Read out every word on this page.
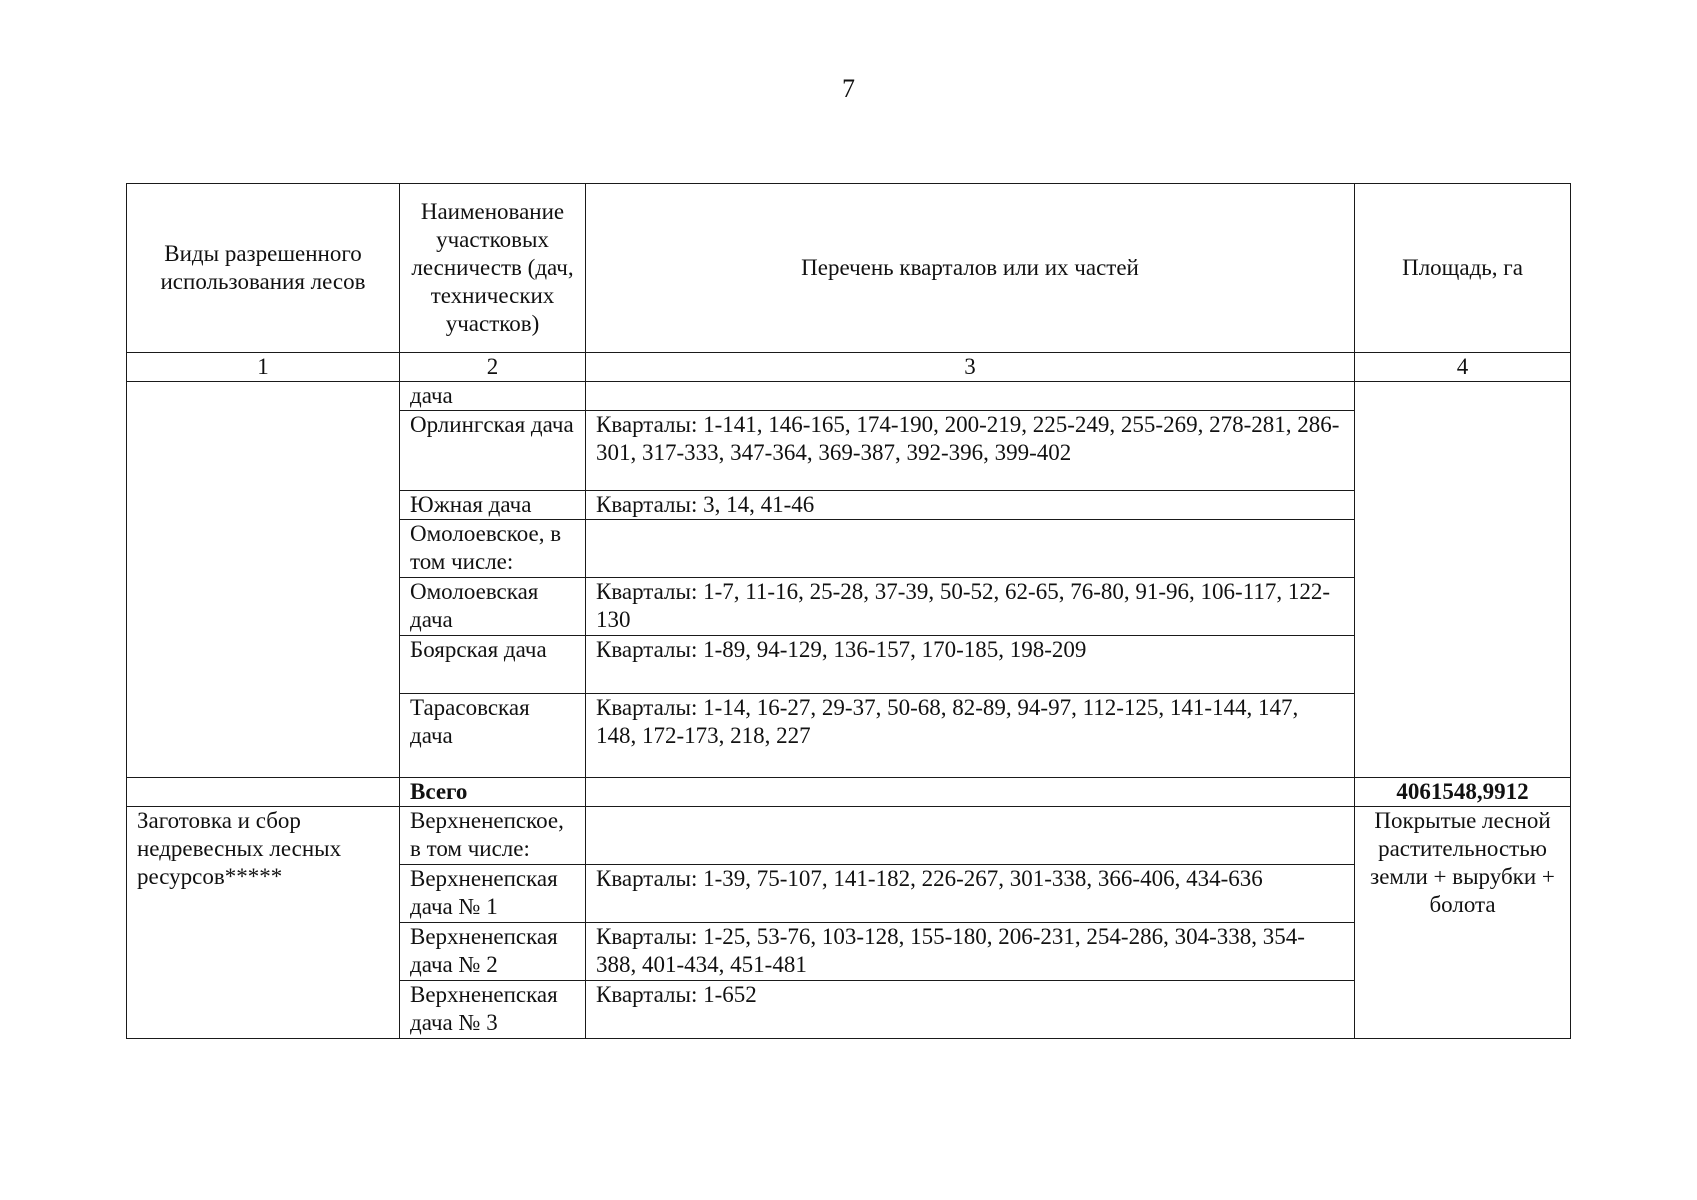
7
Виды разрешенного использования лесов	Наименование участковых лесничеств (дач, технических участков)	Перечень кварталов или их частей	Площадь, га
1	2	3	4
	дача		
	Орлингская дача	Кварталы: 1-141, 146-165, 174-190, 200-219, 225-249, 255-269, 278-281, 286-301, 317-333, 347-364, 369-387, 392-396, 399-402	
	Южная дача	Кварталы: 3, 14, 41-46	
	Омолоевское, в том числе:		
	Омолоевская дача	Кварталы: 1-7, 11-16, 25-28, 37-39, 50-52, 62-65, 76-80, 91-96, 106-117, 122-130	
	Боярская дача	Кварталы: 1-89, 94-129, 136-157, 170-185, 198-209	
	Тарасовская дача	Кварталы: 1-14, 16-27, 29-37, 50-68, 82-89, 94-97, 112-125, 141-144, 147, 148, 172-173, 218, 227	
	Всего		4061548,9912
Заготовка и сбор недревесных лесных ресурсов*****	Верхненепское, в том числе:		Покрытые лесной растительностью земли + вырубки + болота
	Верхненепская дача № 1	Кварталы: 1-39, 75-107, 141-182, 226-267, 301-338, 366-406, 434-636	
	Верхненепская дача № 2	Кварталы: 1-25, 53-76, 103-128, 155-180, 206-231, 254-286, 304-338, 354-388, 401-434, 451-481	
	Верхненепская дача № 3	Кварталы: 1-652	
